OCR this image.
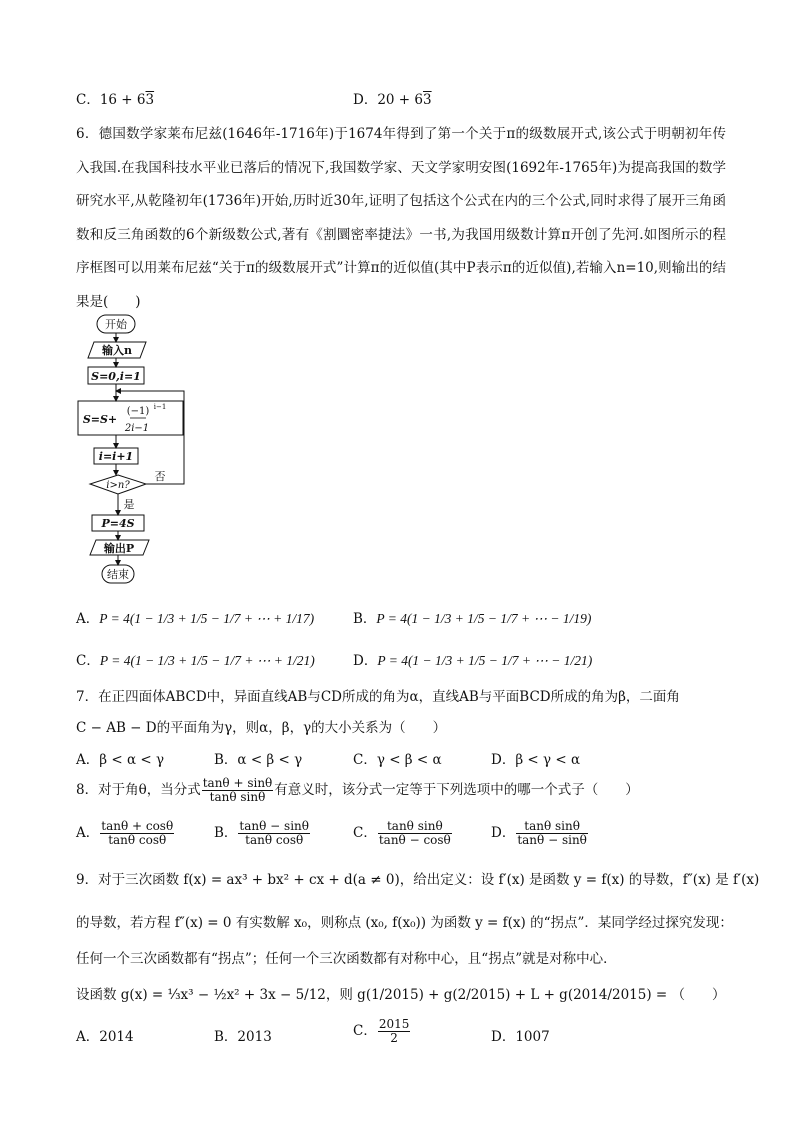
C．16 + 63	D．20 + 63
6．德国数学家莱布尼兹(1646年-1716年)于1674年得到了第一个关于π的级数展开式,该公式于明朝初年传入我国.在我国科技水平业已落后的情况下,我国数学家、天文学家明安图(1692年-1765年)为提高我国的数学研究水平,从乾隆初年(1736年)开始,历时近30年,证明了包括这个公式在内的三个公式,同时求得了展开三角函数和反三角函数的6个新级数公式,著有《割圜密率捷法》一书,为我国用级数计算π开创了先河.如图所示的程序框图可以用莱布尼兹“关于π的级数展开式”计算π的近似值(其中P表示π的近似值),若输入n=10,则输出的结果是(　　)
开始
输入n
S=0,i=1
S=S+
(−1) i−1
2i−1
i=i+1
i>n?
否
是
P=4S
输出P
结束
A．P = 4(1 − 1/3 + 1/5 − 1/7 + ⋯ + 1/17)	B．P = 4(1 − 1/3 + 1/5 − 1/7 + ⋯ − 1/19)
C．P = 4(1 − 1/3 + 1/5 − 1/7 + ⋯ + 1/21)	D．P = 4(1 − 1/3 + 1/5 − 1/7 + ⋯ − 1/21)
7．在正四面体ABCD中，异面直线AB与CD所成的角为α，直线AB与平面BCD所成的角为β，二面角
C − AB − D的平面角为γ，则α，β，γ的大小关系为（　　）
A．β < α < γ	B．α < β < γ	C．γ < β < α	D．β < γ < α
8．对于角θ，当分式 $\frac{\tan\theta + \sin\theta}{\text{tanθ sinθ}}$ 有意义时，该分式一定等于下列选项中的哪一个式子（　　）
A． $\frac{\tan\theta + \cos\theta}{\text{tanθ cosθ}}$	B． $\frac{\tan\theta - \sin\theta}{\text{tanθ cosθ}}$	C． $\frac{\text{tanθ sinθ}}{\tan\theta - \cos\theta}$	D． $\frac{\text{tanθ sinθ}}{\tan\theta - \sin\theta}$
9．对于三次函数 f(x) = ax³ + bx² + cx + d(a ≠ 0)，给出定义：设 f′(x) 是函数 y = f(x) 的导数，f″(x) 是 f′(x)
的导数，若方程 f″(x) = 0 有实数解 x₀，则称点 (x₀, f(x₀)) 为函数 y = f(x) 的“拐点”．某同学经过探究发现：
任何一个三次函数都有“拐点”；任何一个三次函数都有对称中心，且“拐点”就是对称中心．
设函数 g(x) = ⅓x³ − ½x² + 3x − 5/12，则 g(1/2015) + g(2/2015) + L + g(2014/2015) = （　　）
A．2014	B．2013	C． $\frac{2015}{2}$	D．1007
